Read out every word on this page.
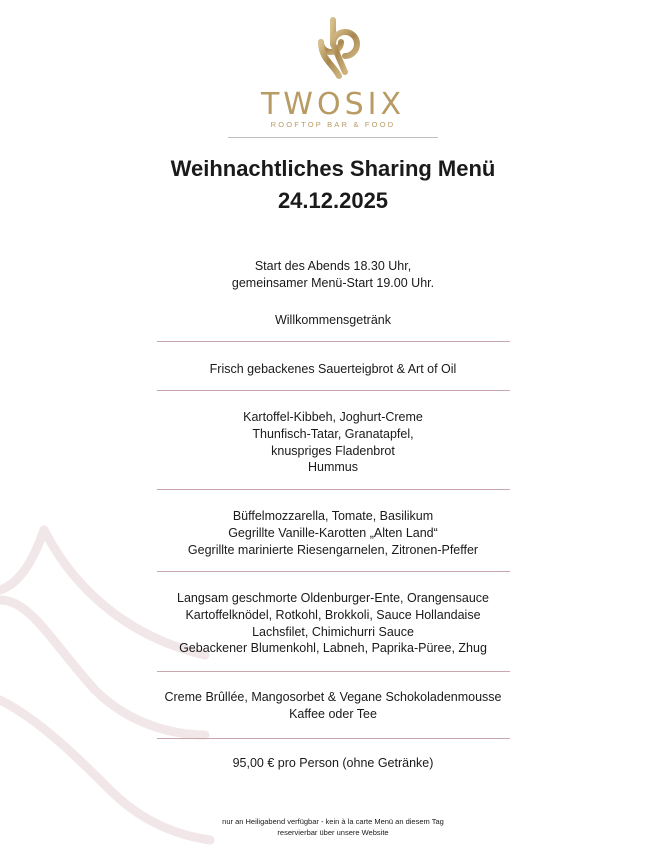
TWOSIX
ROOFTOP BAR & FOOD
Weihnachtliches Sharing Menü
24.12.2025
Start des Abends 18.30 Uhr,
gemeinsamer Menü-Start 19.00 Uhr.
Willkommensgetränk
Frisch gebackenes Sauerteigbrot & Art of Oil
Kartoffel-Kibbeh, Joghurt-Creme
Thunfisch-Tatar, Granatapfel,
knuspriges Fladenbrot
Hummus
Büffelmozzarella, Tomate, Basilikum
Gegrillte Vanille-Karotten „Alten Land“
Gegrillte marinierte Riesengarnelen, Zitronen-Pfeffer
Langsam geschmorte Oldenburger-Ente, Orangensauce
Kartoffelknödel, Rotkohl, Brokkoli, Sauce Hollandaise
Lachsfilet, Chimichurri Sauce
Gebackener Blumenkohl, Labneh, Paprika-Püree, Zhug
Creme Brûllée, Mangosorbet & Vegane Schokoladenmousse
Kaffee oder Tee
95,00 € pro Person (ohne Getränke)
nur an Heiligabend verfügbar - kein à la carte Menü an diesem Tag
reservierbar über unsere Website
